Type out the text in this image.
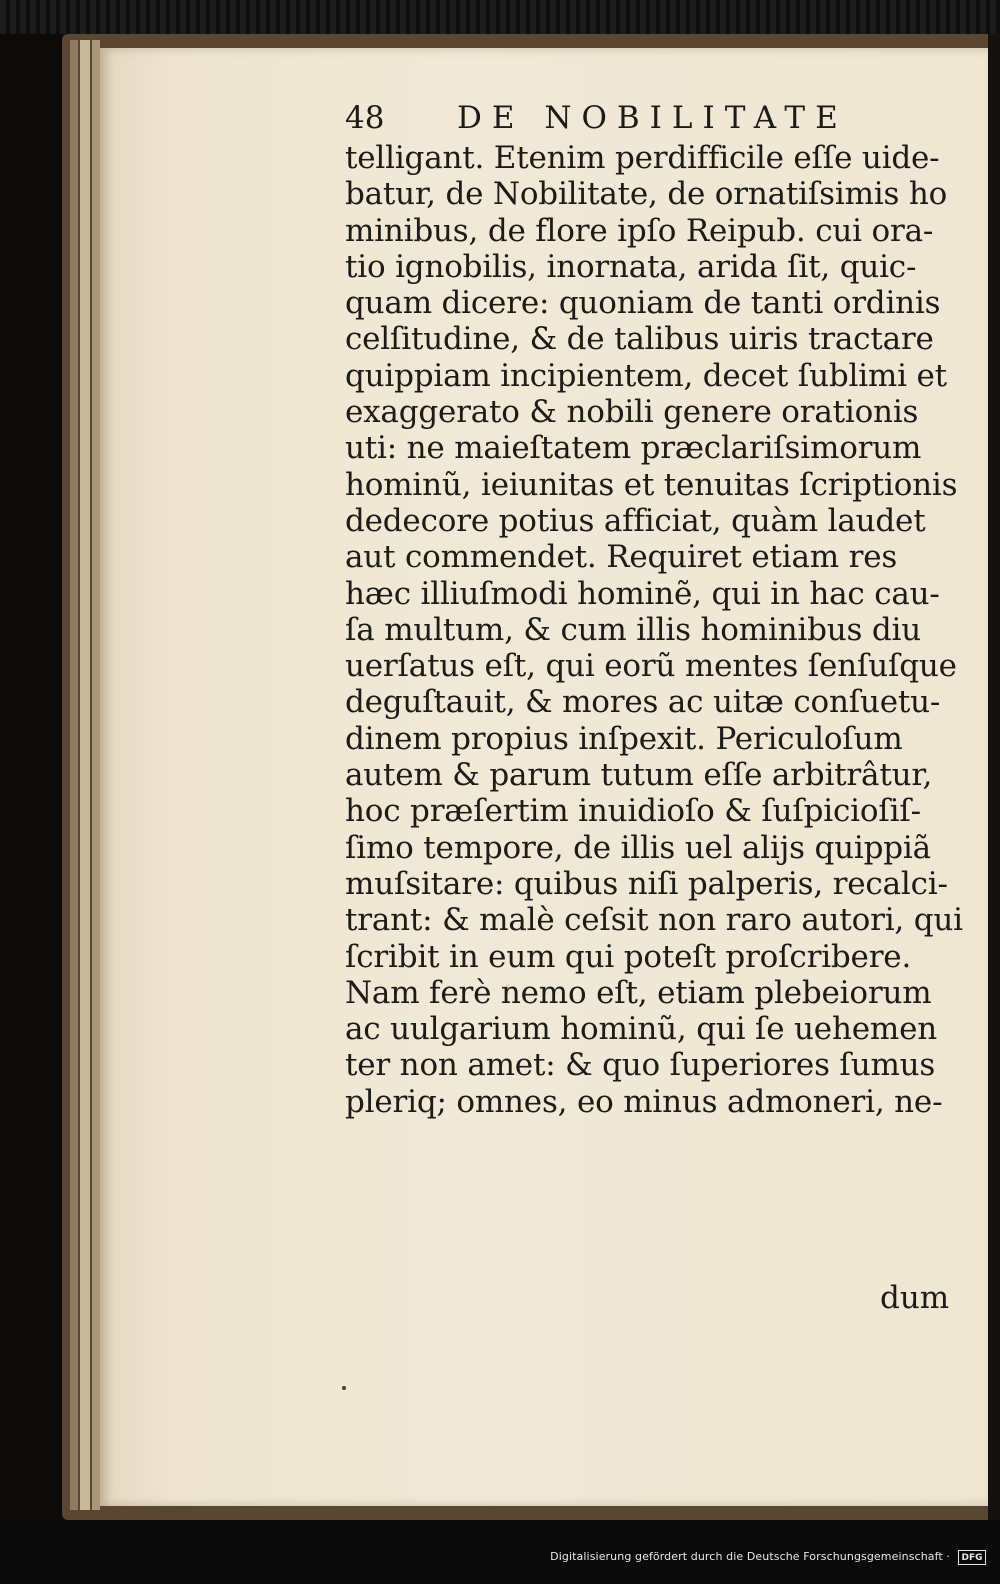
48 DE NOBILITATE
telligant. Etenim perdifficile eſſe uide-
batur, de Nobilitate, de ornatiſsimis ho
minibus, de flore ipſo Reipub. cui ora-
tio ignobilis, inornata, arida ſit, quic-
quam dicere: quoniam de tanti ordinis
celſitudine, & de talibus uiris tractare
quippiam incipientem, decet ſublimi et
exaggerato & nobili genere orationis
uti: ne maieſtatem præclariſsimorum
hominũ, ieiunitas et tenuitas ſcriptionis
dedecore potius afficiat, quàm laudet
aut commendet. Requiret etiam res
hæc illiuſmodi hominẽ, qui in hac cau-
ſa multum, & cum illis hominibus diu
uerſatus eſt, qui eorũ mentes ſenſuſque
deguſtauit, & mores ac uitæ conſuetu-
dinem propius inſpexit. Periculoſum
autem & parum tutum eſſe arbitrâtur,
hoc præſertim inuidioſo & ſuſpicioſiſ-
ſimo tempore, de illis uel alijs quippiã
muſsitare: quibus niſi palperis, recalci-
trant: & malè ceſsit non raro autori, qui
ſcribit in eum qui poteſt proſcribere.
Nam ferè nemo eſt, etiam plebeiorum
ac uulgarium hominũ, qui ſe uehemen
ter non amet: & quo ſuperiores ſumus
pleriq; omnes, eo minus admoneri, ne-
dum
Digitalisierung gefördert durch die Deutsche Forschungsgemeinschaft ·	DFG
